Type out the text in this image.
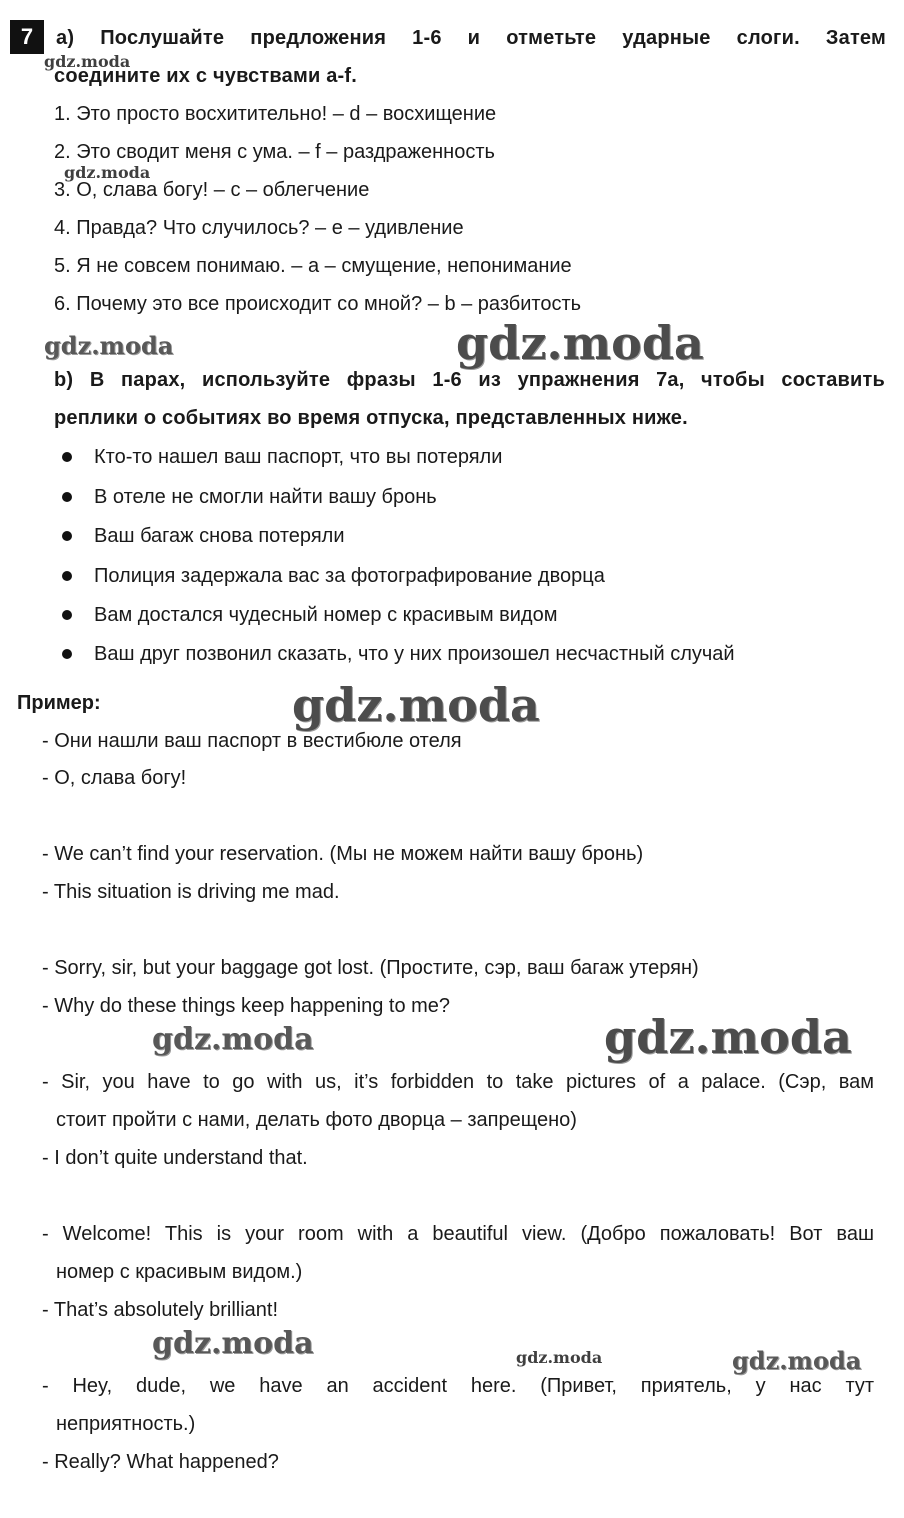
7	a) Послушайте предложения 1-6 и отметьте ударные слоги. Затем
соедините их с чувствами a-f.
1. Это просто восхитительно! – d – восхищение
2. Это сводит меня с ума. – f – раздраженность
3. О, слава богу! – с – облегчение
4. Правда? Что случилось? – е – удивление
5. Я не совсем понимаю. – а – смущение, непонимание
6. Почему это все происходит со мной? – b – разбитость
b) В парах, используйте фразы 1-6 из упражнения 7a, чтобы составить
реплики о событиях во время отпуска, представленных ниже.
Кто-то нашел ваш паспорт, что вы потеряли
В отеле не смогли найти вашу бронь
Ваш багаж снова потеряли
Полиция задержала вас за фотографирование дворца
Вам достался чудесный номер с красивым видом
Ваш друг позвонил сказать, что у них произошел несчастный случай
Пример:
- Они нашли ваш паспорт в вестибюле отеля
- О, слава богу!
- We can’t find your reservation. (Мы не можем найти вашу бронь)
- This situation is driving me mad.
- Sorry, sir, but your baggage got lost. (Простите, сэр, ваш багаж утерян)
- Why do these things keep happening to me?
- Sir, you have to go with us, it’s forbidden to take pictures of a palace. (Сэр, вам
стоит пройти с нами, делать фото дворца – запрещено)
- I don’t quite understand that.
- Welcome! This is your room with a beautiful view. (Добро пожаловать! Вот ваш
номер с красивым видом.)
- That’s absolutely brilliant!
- Hey, dude, we have an accident here. (Привет, приятель, у нас тут
неприятность.)
- Really? What happened?
gdz.moda
gdz.moda
gdz.moda	gdz.moda
gdz.moda
gdz.moda	gdz.moda
gdz.moda	gdz.moda	gdz.moda
